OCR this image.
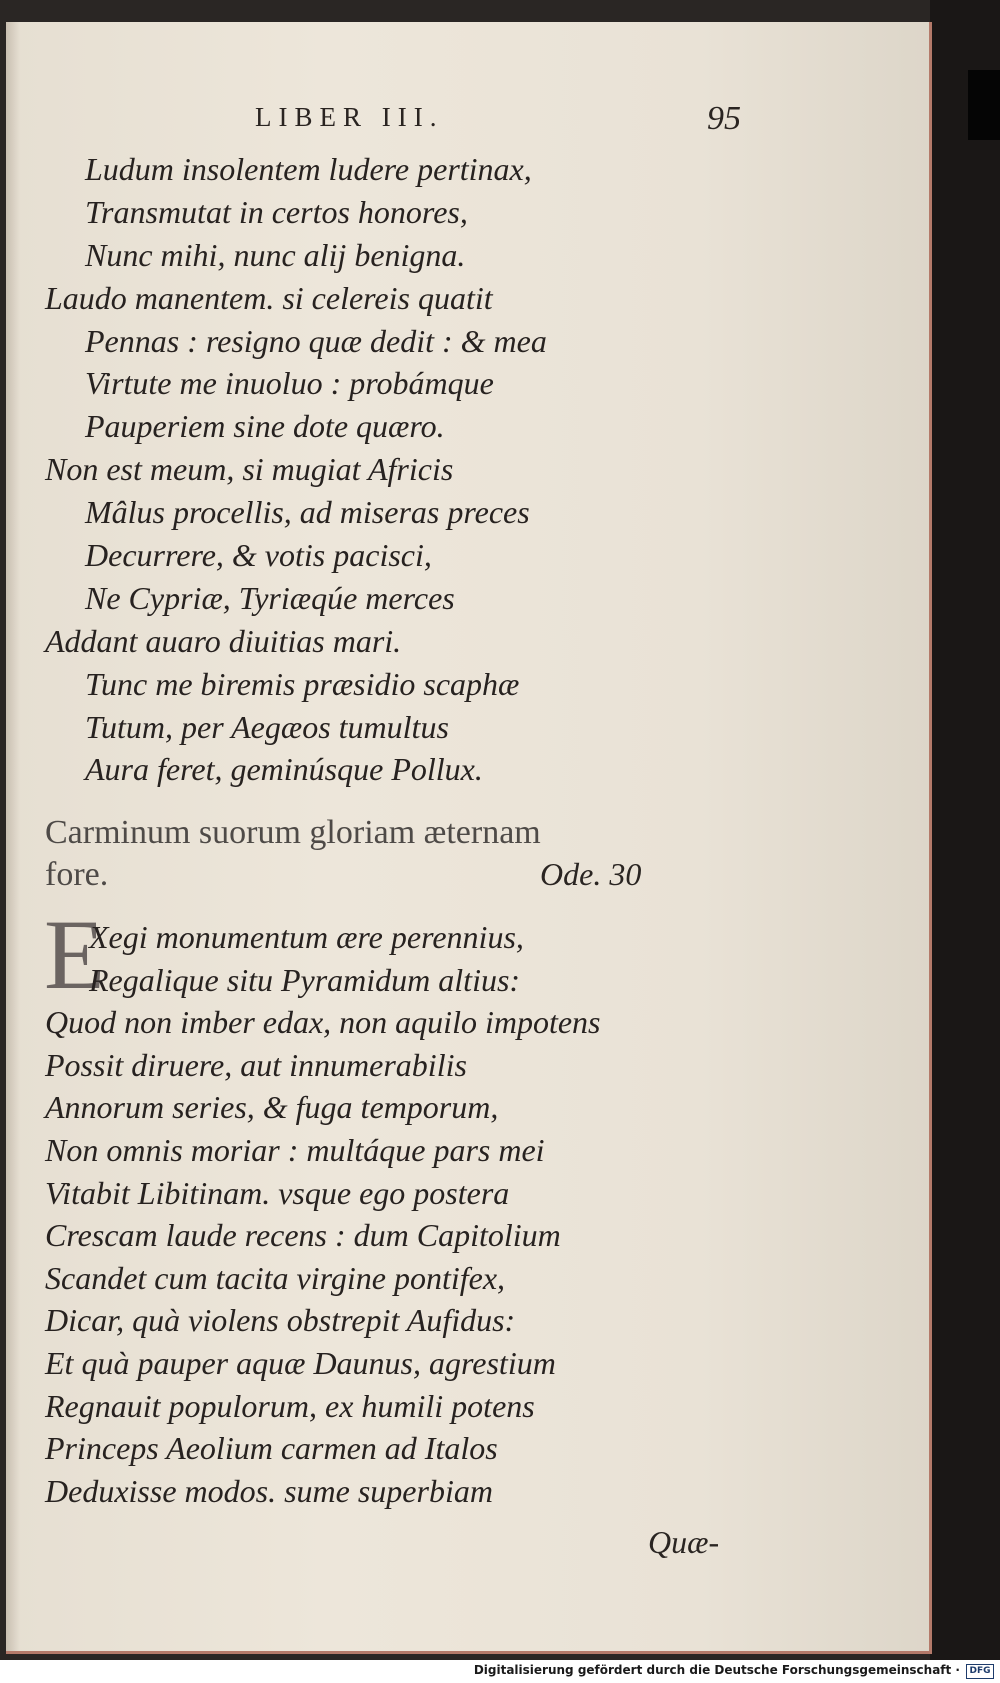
LIBER III.	95

Ludum insolentem ludere pertinax,
Transmutat in certos honores,
Nunc mihi, nunc alij benigna.
Laudo manentem. si celereis quatit
Pennas : resigno quæ dedit : & mea
Virtute me inuoluo : probámque
Pauperiem sine dote quæro.
Non est meum, si mugiat Africis
Mâlus procellis, ad miseras preces
Decurrere, & votis pacisci,
Ne Cypriæ, Tyriæqúe merces
Addant auaro diuitias mari.
Tunc me biremis præsidio scaphæ
Tutum, per Aegæos tumultus
Aura feret, geminúsque Pollux.

Carminum suorum gloriam æternam
fore.	Ode. 30

E

Xegi monumentum ære perennius,
Regalique situ Pyramidum altius:
Quod non imber edax, non aquilo impotens
Possit diruere, aut innumerabilis
Annorum series, & fuga temporum,
Non omnis moriar : multáque pars mei
Vitabit Libitinam. vsque ego postera
Crescam laude recens : dum Capitolium
Scandet cum tacita virgine pontifex,
Dicar, quà violens obstrepit Aufidus:
Et quà pauper aquæ Daunus, agrestium
Regnauit populorum, ex humili potens
Princeps Aeolium carmen ad Italos
Deduxisse modos. sume superbiam

Quæ-

Digitalisierung gefördert durch die Deutsche Forschungsgemeinschaft ·	DFG
